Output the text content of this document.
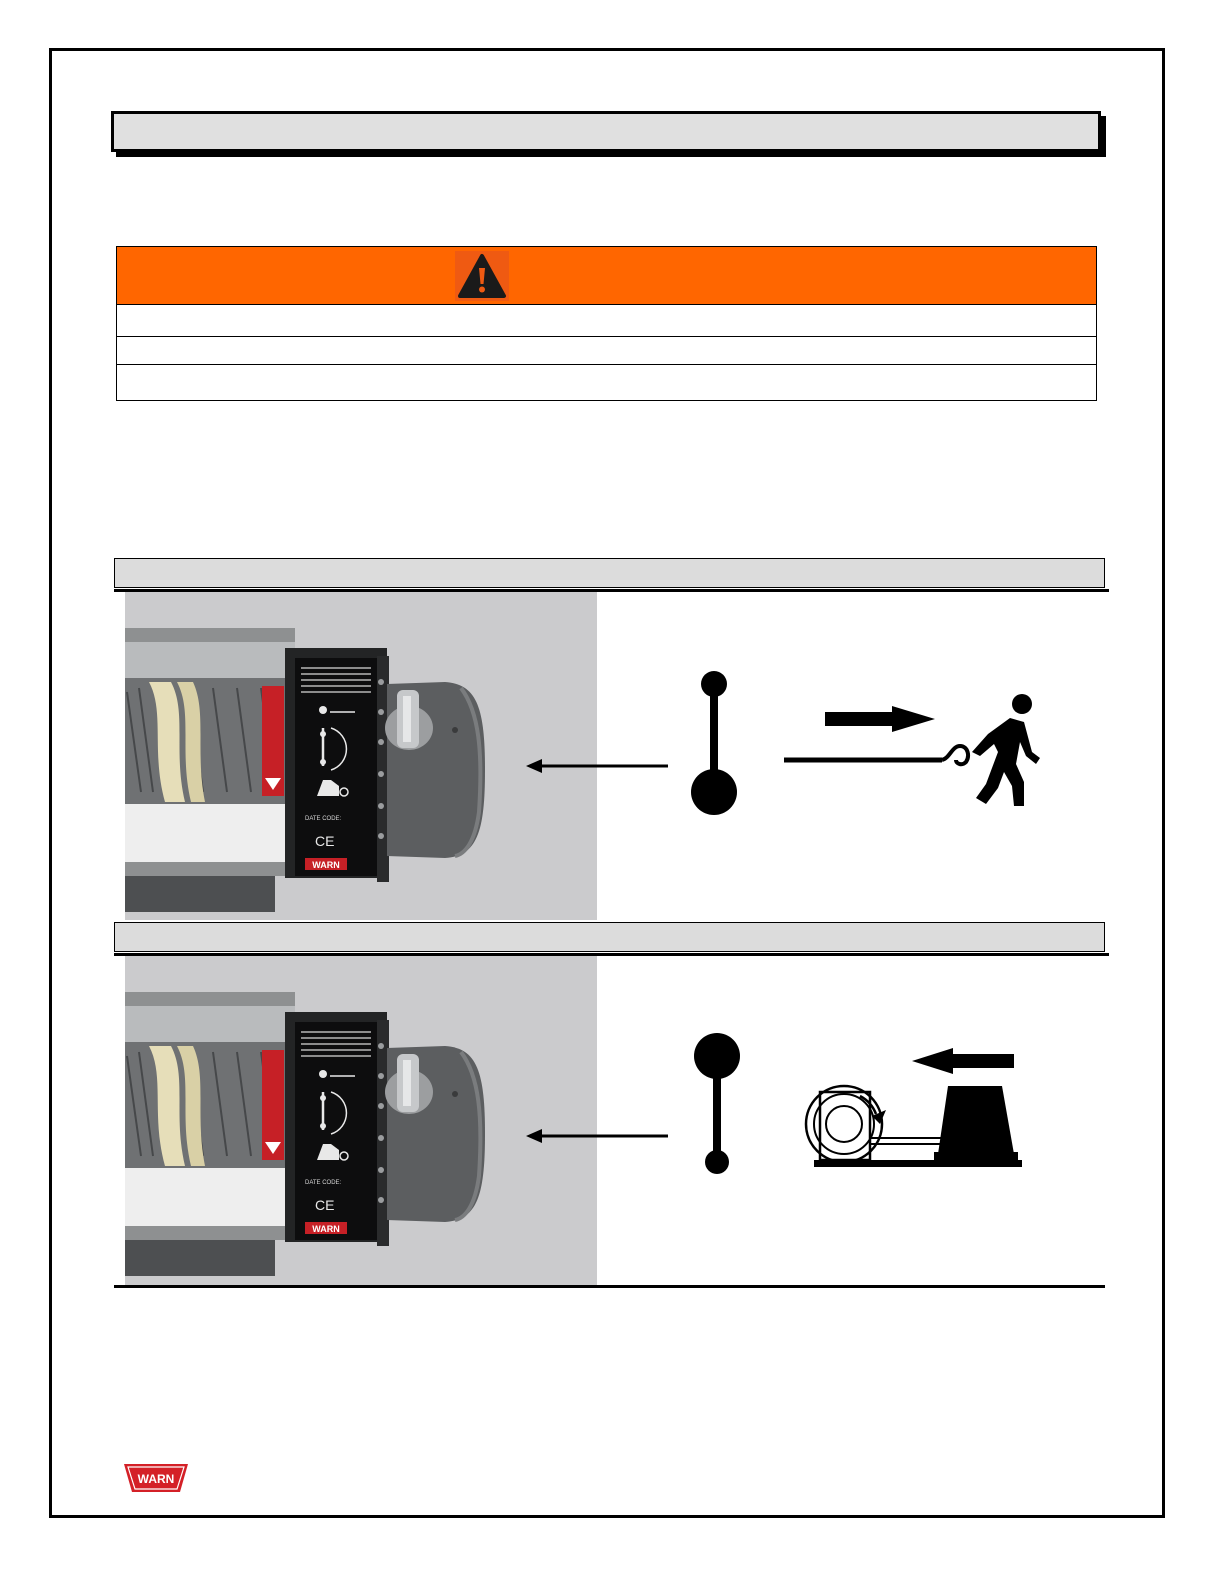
DATE CODE:
CE
WARN
DATE CODE:
CE
WARN
WARN
